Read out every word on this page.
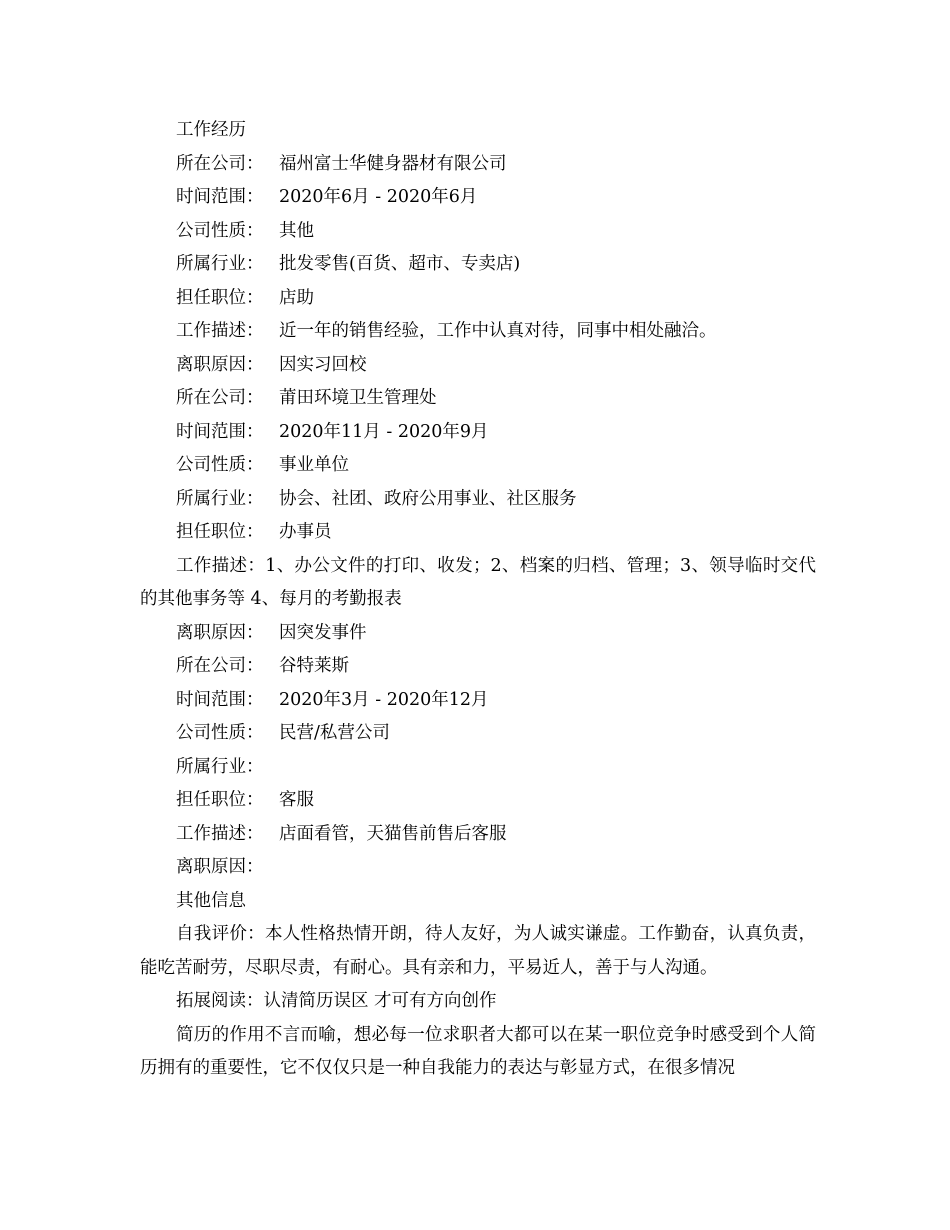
工作经历
所在公司： 福州富士华健身器材有限公司
时间范围： 2020年6月 - 2020年6月
公司性质： 其他
所属行业： 批发零售(百货、超市、专卖店)
担任职位： 店助
工作描述： 近一年的销售经验，工作中认真对待，同事中相处融洽。
离职原因： 因实习回校
所在公司： 莆田环境卫生管理处
时间范围： 2020年11月 - 2020年9月
公司性质： 事业单位
所属行业： 协会、社团、政府公用事业、社区服务
担任职位： 办事员
工作描述：1、办公文件的打印、收发；2、档案的归档、管理；3、领导临时交代的其他事务等 4、每月的考勤报表
离职原因： 因突发事件
所在公司： 谷特莱斯
时间范围： 2020年3月 - 2020年12月
公司性质： 民营/私营公司
所属行业：
担任职位： 客服
工作描述： 店面看管，天猫售前售后客服
离职原因：
其他信息
自我评价：本人性格热情开朗，待人友好，为人诚实谦虚。工作勤奋，认真负责，能吃苦耐劳，尽职尽责，有耐心。具有亲和力，平易近人，善于与人沟通。
拓展阅读：认清简历误区 才可有方向创作
简历的作用不言而喻，想必每一位求职者大都可以在某一职位竞争时感受到个人简历拥有的重要性，它不仅仅只是一种自我能力的表达与彰显方式，在很多情况
